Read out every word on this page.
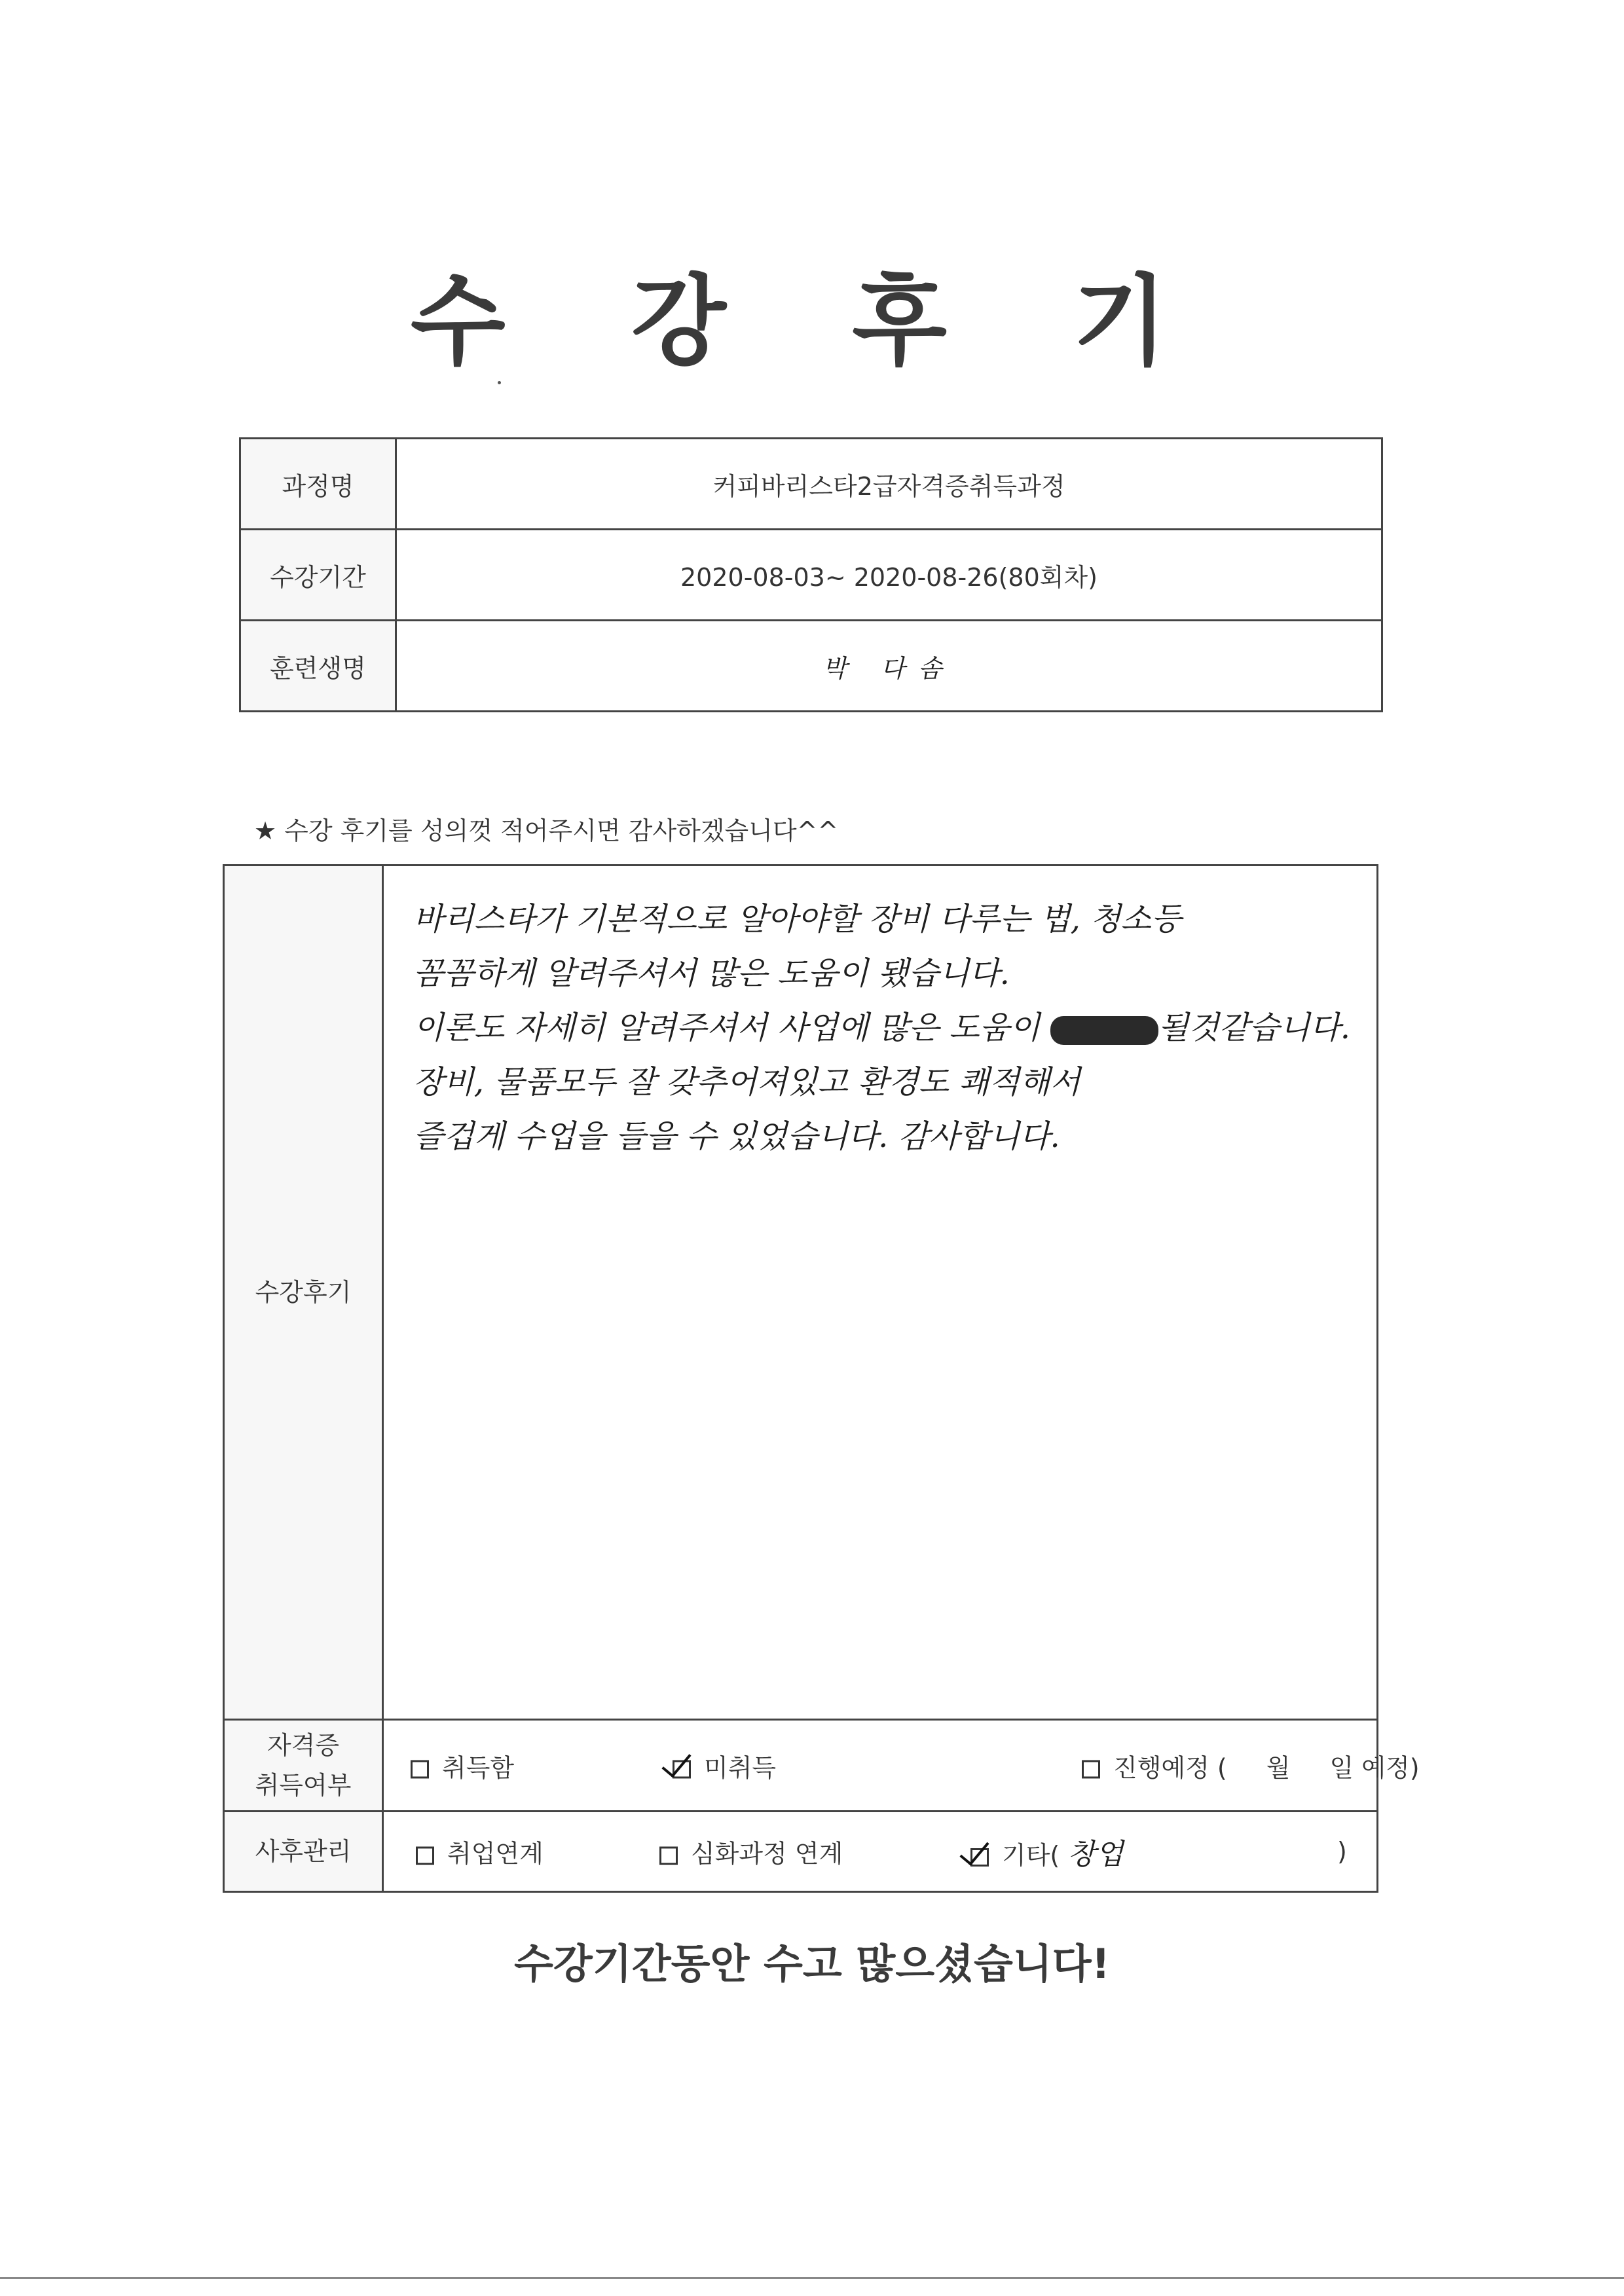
수 강 후 기
과정명	커피바리스타2급자격증취득과정
수강기간	2020-08-03~ 2020-08-26(80회차)
훈련생명	박 다솜
★ 수강 후기를 성의껏 적어주시면 감사하겠습니다^^
수강후기	바리스타가 기본적으로 알아야할 장비 다루는 법, 청소등
꼼꼼하게 알려주셔서 많은 도움이 됐습니다.
이론도 자세히 알려주셔서 사업에 많은 도움이 될것같습니다.
장비, 물품모두 잘 갖추어져있고 환경도 쾌적해서
즐겁게 수업을 들을 수 있었습니다. 감사합니다.

자격증
취득여부	취득함 미취득 진행예정 ( 월 일 예정)

사후관리	취업연계 심화과정 연계 기타( 창업 )
수강기간동안 수고 많으셨습니다!
